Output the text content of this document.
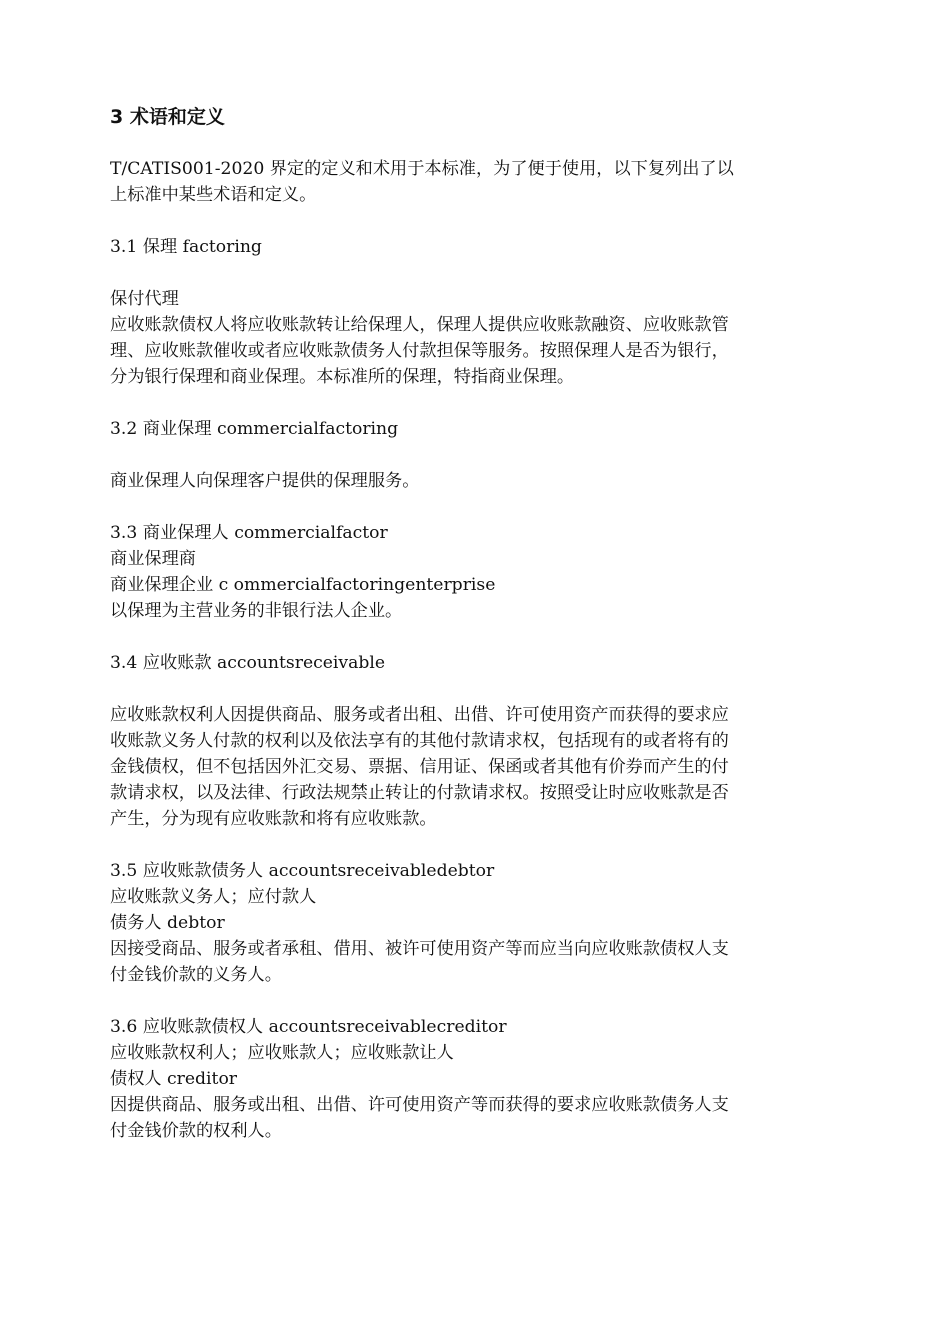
3 术语和定义
T/CATIS001-2020 界定的定义和术用于本标准，为了便于使用，以下复列出了以
上标准中某些术语和定义。
3.1 保理 factoring
保付代理
应收账款债权人将应收账款转让给保理人，保理人提供应收账款融资、应收账款管
理、应收账款催收或者应收账款债务人付款担保等服务。按照保理人是否为银行，
分为银行保理和商业保理。本标准所的保理，特指商业保理。
3.2 商业保理 commercialfactoring
商业保理人向保理客户提供的保理服务。
3.3 商业保理人 commercialfactor
商业保理商
商业保理企业 c ommercialfactoringenterprise
以保理为主营业务的非银行法人企业。
3.4 应收账款 accountsreceivable
应收账款权利人因提供商品、服务或者出租、出借、许可使用资产而获得的要求应
收账款义务人付款的权利以及依法享有的其他付款请求权，包括现有的或者将有的
金钱债权，但不包括因外汇交易、票据、信用证、保函或者其他有价券而产生的付
款请求权，以及法律、行政法规禁止转让的付款请求权。按照受让时应收账款是否
产生，分为现有应收账款和将有应收账款。
3.5 应收账款债务人 accountsreceivabledebtor
应收账款义务人；应付款人
债务人 debtor
因接受商品、服务或者承租、借用、被许可使用资产等而应当向应收账款债权人支
付金钱价款的义务人。
3.6 应收账款债权人 accountsreceivablecreditor
应收账款权利人；应收账款人；应收账款让人
债权人 creditor
因提供商品、服务或出租、出借、许可使用资产等而获得的要求应收账款债务人支
付金钱价款的权利人。
